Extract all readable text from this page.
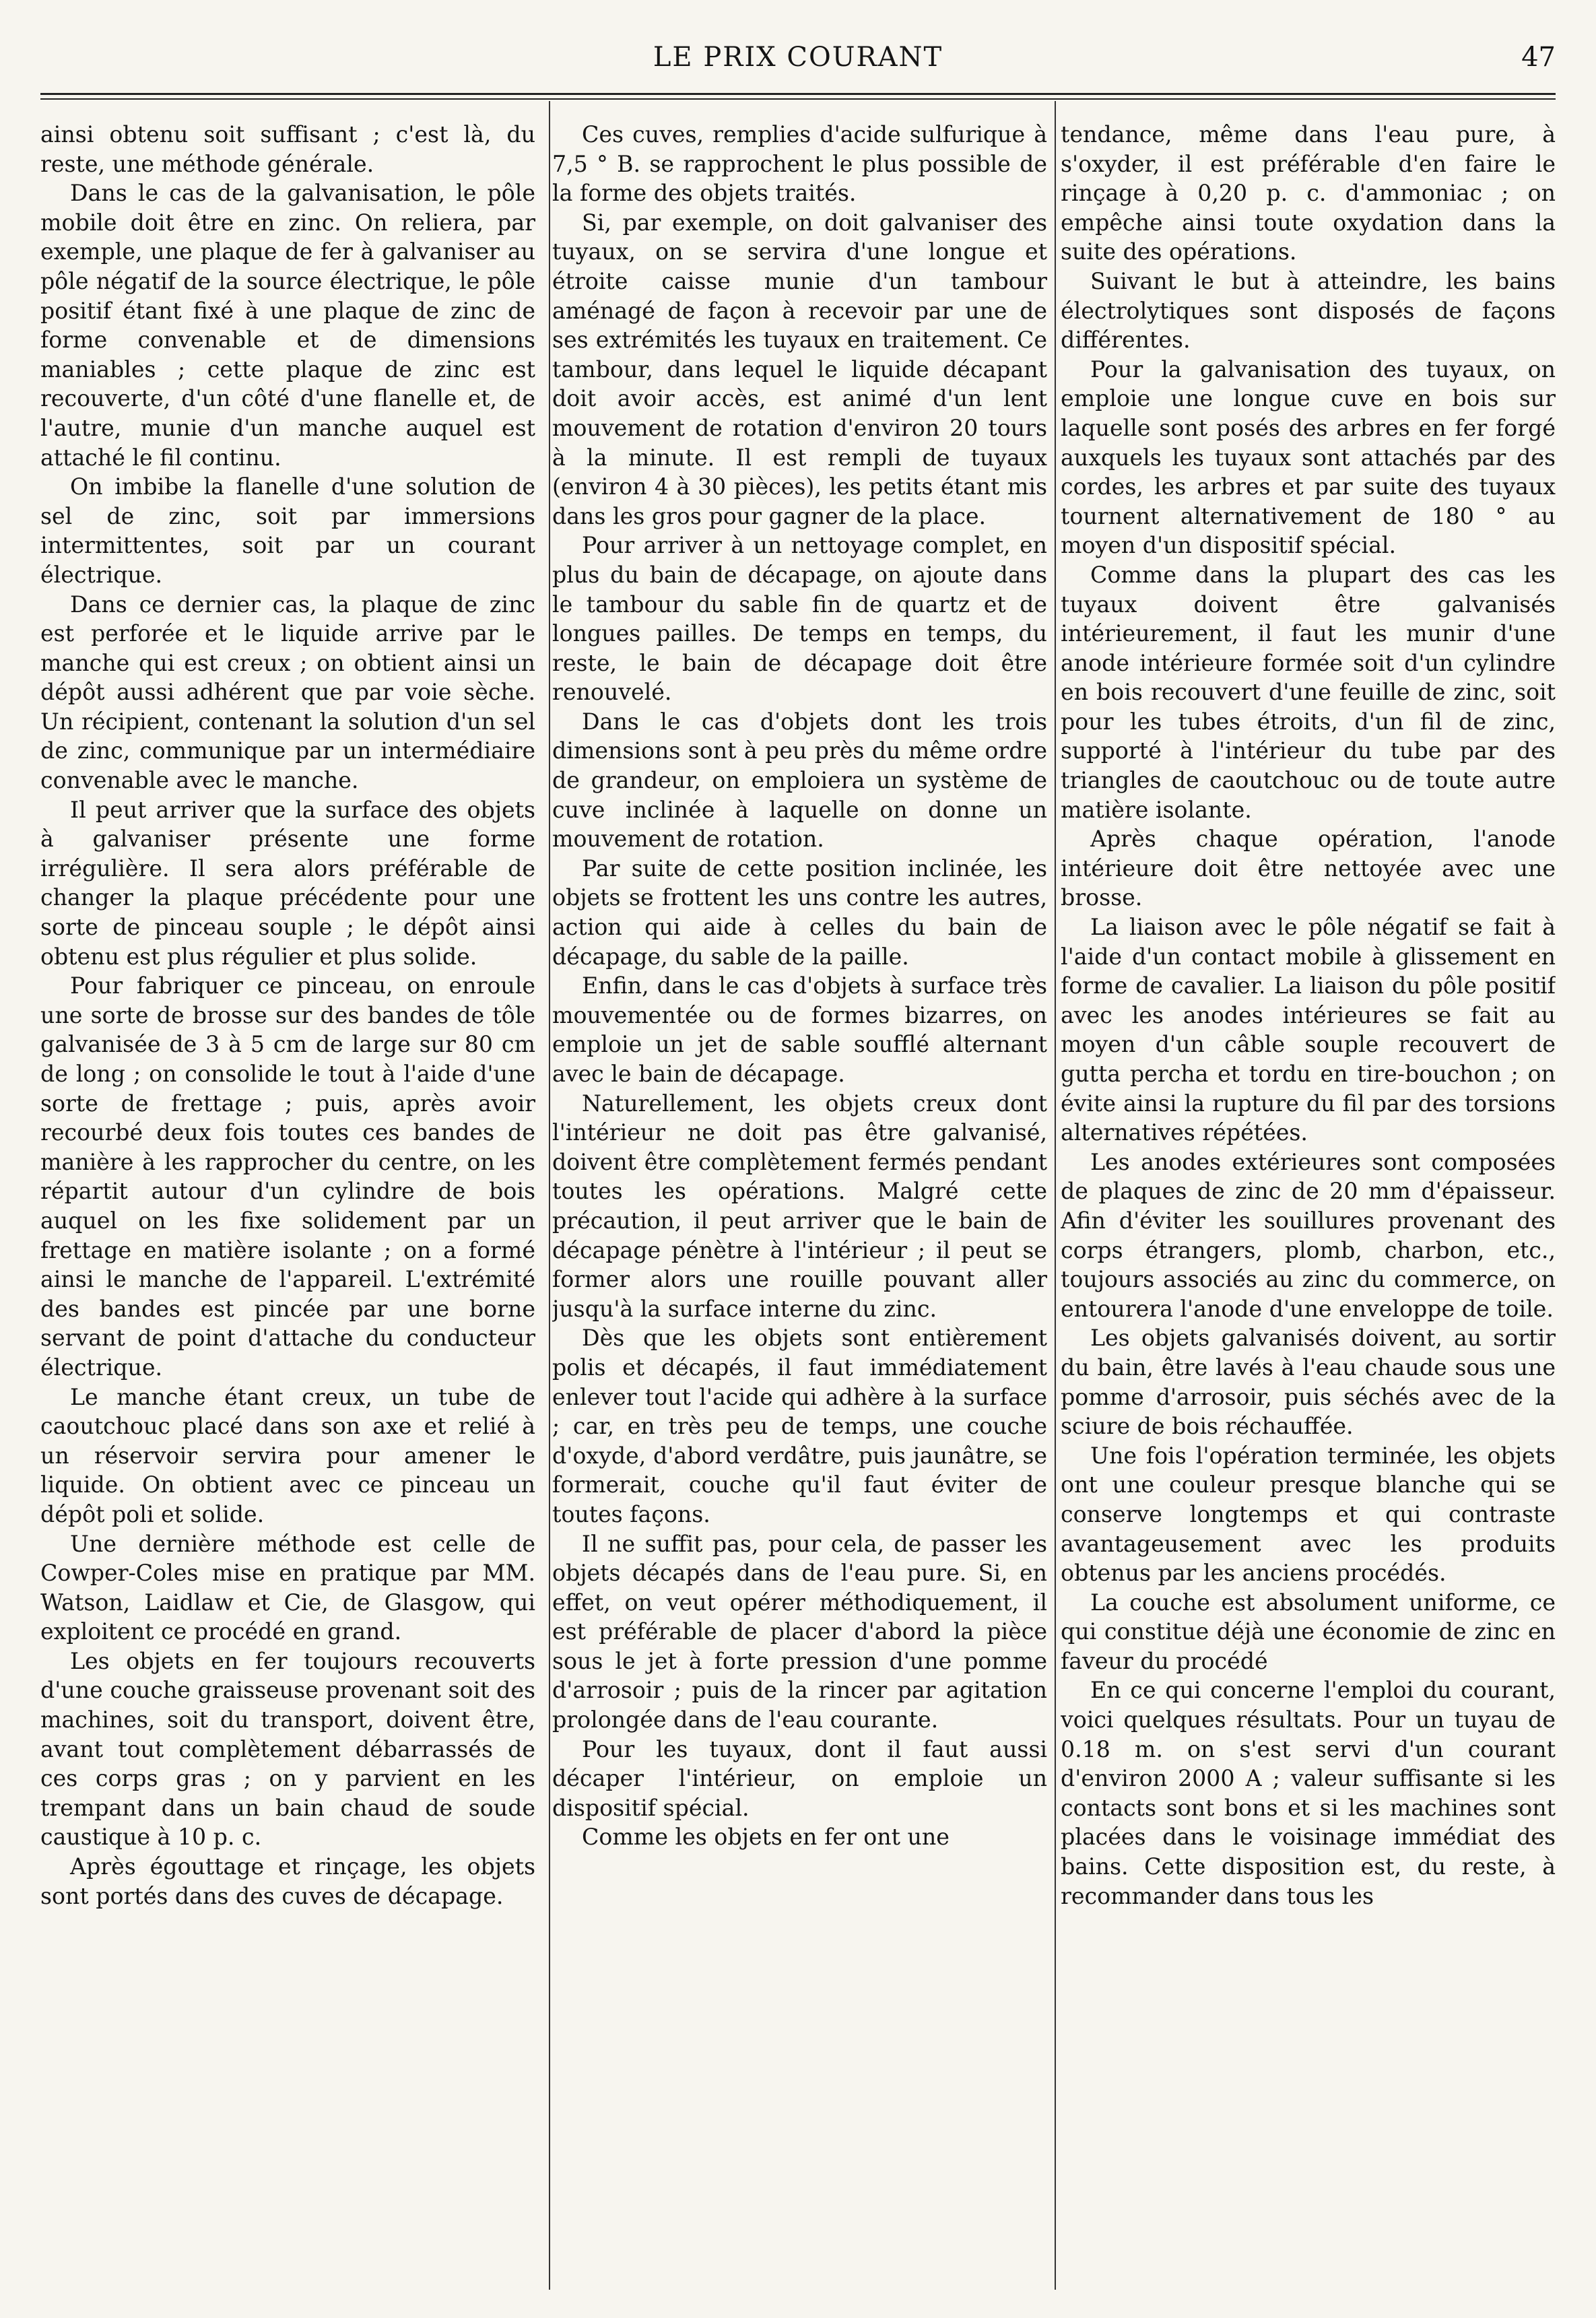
LE PRIX COURANT	47

ainsi obtenu soit suffisant ; c'est là, du reste, une méthode générale.

Dans le cas de la galvanisation, le pôle mobile doit être en zinc. On reliera, par exemple, une plaque de fer à galvaniser au pôle négatif de la source électrique, le pôle positif étant fixé à une plaque de zinc de forme convenable et de dimensions maniables ; cette plaque de zinc est recouverte, d'un côté d'une flanelle et, de l'autre, munie d'un manche auquel est attaché le fil continu.

On imbibe la flanelle d'une solution de sel de zinc, soit par immersions intermittentes, soit par un courant électrique.

Dans ce dernier cas, la plaque de zinc est perforée et le liquide arrive par le manche qui est creux ; on obtient ainsi un dépôt aussi adhérent que par voie sèche. Un récipient, contenant la solution d'un sel de zinc, communique par un intermédiaire convenable avec le manche.

Il peut arriver que la surface des objets à galvaniser présente une forme irrégulière. Il sera alors préférable de changer la plaque précédente pour une sorte de pinceau souple ; le dépôt ainsi obtenu est plus régulier et plus solide.

Pour fabriquer ce pinceau, on enroule une sorte de brosse sur des bandes de tôle galvanisée de 3 à 5 cm de large sur 80 cm de long ; on consolide le tout à l'aide d'une sorte de frettage ; puis, après avoir recourbé deux fois toutes ces bandes de manière à les rapprocher du centre, on les répartit autour d'un cylindre de bois auquel on les fixe solidement par un frettage en matière isolante ; on a formé ainsi le manche de l'appareil. L'extrémité des bandes est pincée par une borne servant de point d'attache du conducteur électrique.

Le manche étant creux, un tube de caoutchouc placé dans son axe et relié à un réservoir servira pour amener le liquide. On obtient avec ce pinceau un dépôt poli et solide.

Une dernière méthode est celle de Cowper-Coles mise en pratique par MM. Watson, Laidlaw et Cie, de Glasgow, qui exploitent ce procédé en grand.

Les objets en fer toujours recouverts d'une couche graisseuse provenant soit des machines, soit du transport, doivent être, avant tout complètement débarrassés de ces corps gras ; on y parvient en les trempant dans un bain chaud de soude caustique à 10 p. c.

Après égouttage et rinçage, les objets sont portés dans des cuves de décapage.

Ces cuves, remplies d'acide sulfurique à 7,5 ° B. se rapprochent le plus possible de la forme des objets traités.

Si, par exemple, on doit galvaniser des tuyaux, on se servira d'une longue et étroite caisse munie d'un tambour aménagé de façon à recevoir par une de ses extrémités les tuyaux en traitement. Ce tambour, dans lequel le liquide décapant doit avoir accès, est animé d'un lent mouvement de rotation d'environ 20 tours à la minute. Il est rempli de tuyaux (environ 4 à 30 pièces), les petits étant mis dans les gros pour gagner de la place.

Pour arriver à un nettoyage complet, en plus du bain de décapage, on ajoute dans le tambour du sable fin de quartz et de longues pailles. De temps en temps, du reste, le bain de décapage doit être renouvelé.

Dans le cas d'objets dont les trois dimensions sont à peu près du même ordre de grandeur, on emploiera un système de cuve inclinée à laquelle on donne un mouvement de rotation.

Par suite de cette position inclinée, les objets se frottent les uns contre les autres, action qui aide à celles du bain de décapage, du sable de la paille.

Enfin, dans le cas d'objets à surface très mouvementée ou de formes bizarres, on emploie un jet de sable soufflé alternant avec le bain de décapage.

Naturellement, les objets creux dont l'intérieur ne doit pas être galvanisé, doivent être complètement fermés pendant toutes les opérations. Malgré cette précaution, il peut arriver que le bain de décapage pénètre à l'intérieur ; il peut se former alors une rouille pouvant aller jusqu'à la surface interne du zinc.

Dès que les objets sont entièrement polis et décapés, il faut immédiatement enlever tout l'acide qui adhère à la surface ; car, en très peu de temps, une couche d'oxyde, d'abord verdâtre, puis jaunâtre, se formerait, couche qu'il faut éviter de toutes façons.

Il ne suffit pas, pour cela, de passer les objets décapés dans de l'eau pure. Si, en effet, on veut opérer méthodiquement, il est préférable de placer d'abord la pièce sous le jet à forte pression d'une pomme d'arrosoir ; puis de la rincer par agitation prolongée dans de l'eau courante.

Pour les tuyaux, dont il faut aussi décaper l'intérieur, on emploie un dispositif spécial.

Comme les objets en fer ont une

tendance, même dans l'eau pure, à s'oxyder, il est préférable d'en faire le rinçage à 0,20 p. c. d'ammoniac ; on empêche ainsi toute oxydation dans la suite des opérations.

Suivant le but à atteindre, les bains électrolytiques sont disposés de façons différentes.

Pour la galvanisation des tuyaux, on emploie une longue cuve en bois sur laquelle sont posés des arbres en fer forgé auxquels les tuyaux sont attachés par des cordes, les arbres et par suite des tuyaux tournent alternativement de 180 ° au moyen d'un dispositif spécial.

Comme dans la plupart des cas les tuyaux doivent être galvanisés intérieurement, il faut les munir d'une anode intérieure formée soit d'un cylindre en bois recouvert d'une feuille de zinc, soit pour les tubes étroits, d'un fil de zinc, supporté à l'intérieur du tube par des triangles de caoutchouc ou de toute autre matière isolante.

Après chaque opération, l'anode intérieure doit être nettoyée avec une brosse.

La liaison avec le pôle négatif se fait à l'aide d'un contact mobile à glissement en forme de cavalier. La liaison du pôle positif avec les anodes intérieures se fait au moyen d'un câble souple recouvert de gutta percha et tordu en tire-bouchon ; on évite ainsi la rupture du fil par des torsions alternatives répétées.

Les anodes extérieures sont composées de plaques de zinc de 20 mm d'épaisseur. Afin d'éviter les souillures provenant des corps étrangers, plomb, charbon, etc., toujours associés au zinc du commerce, on entourera l'anode d'une enveloppe de toile.

Les objets galvanisés doivent, au sortir du bain, être lavés à l'eau chaude sous une pomme d'arrosoir, puis séchés avec de la sciure de bois réchauffée.

Une fois l'opération terminée, les objets ont une couleur presque blanche qui se conserve longtemps et qui contraste avantageusement avec les produits obtenus par les anciens procédés.

La couche est absolument uniforme, ce qui constitue déjà une économie de zinc en faveur du procédé

En ce qui concerne l'emploi du courant, voici quelques résultats. Pour un tuyau de 0.18 m. on s'est servi d'un courant d'environ 2000 A ; valeur suffisante si les contacts sont bons et si les machines sont placées dans le voisinage immédiat des bains. Cette disposition est, du reste, à recommander dans tous les
